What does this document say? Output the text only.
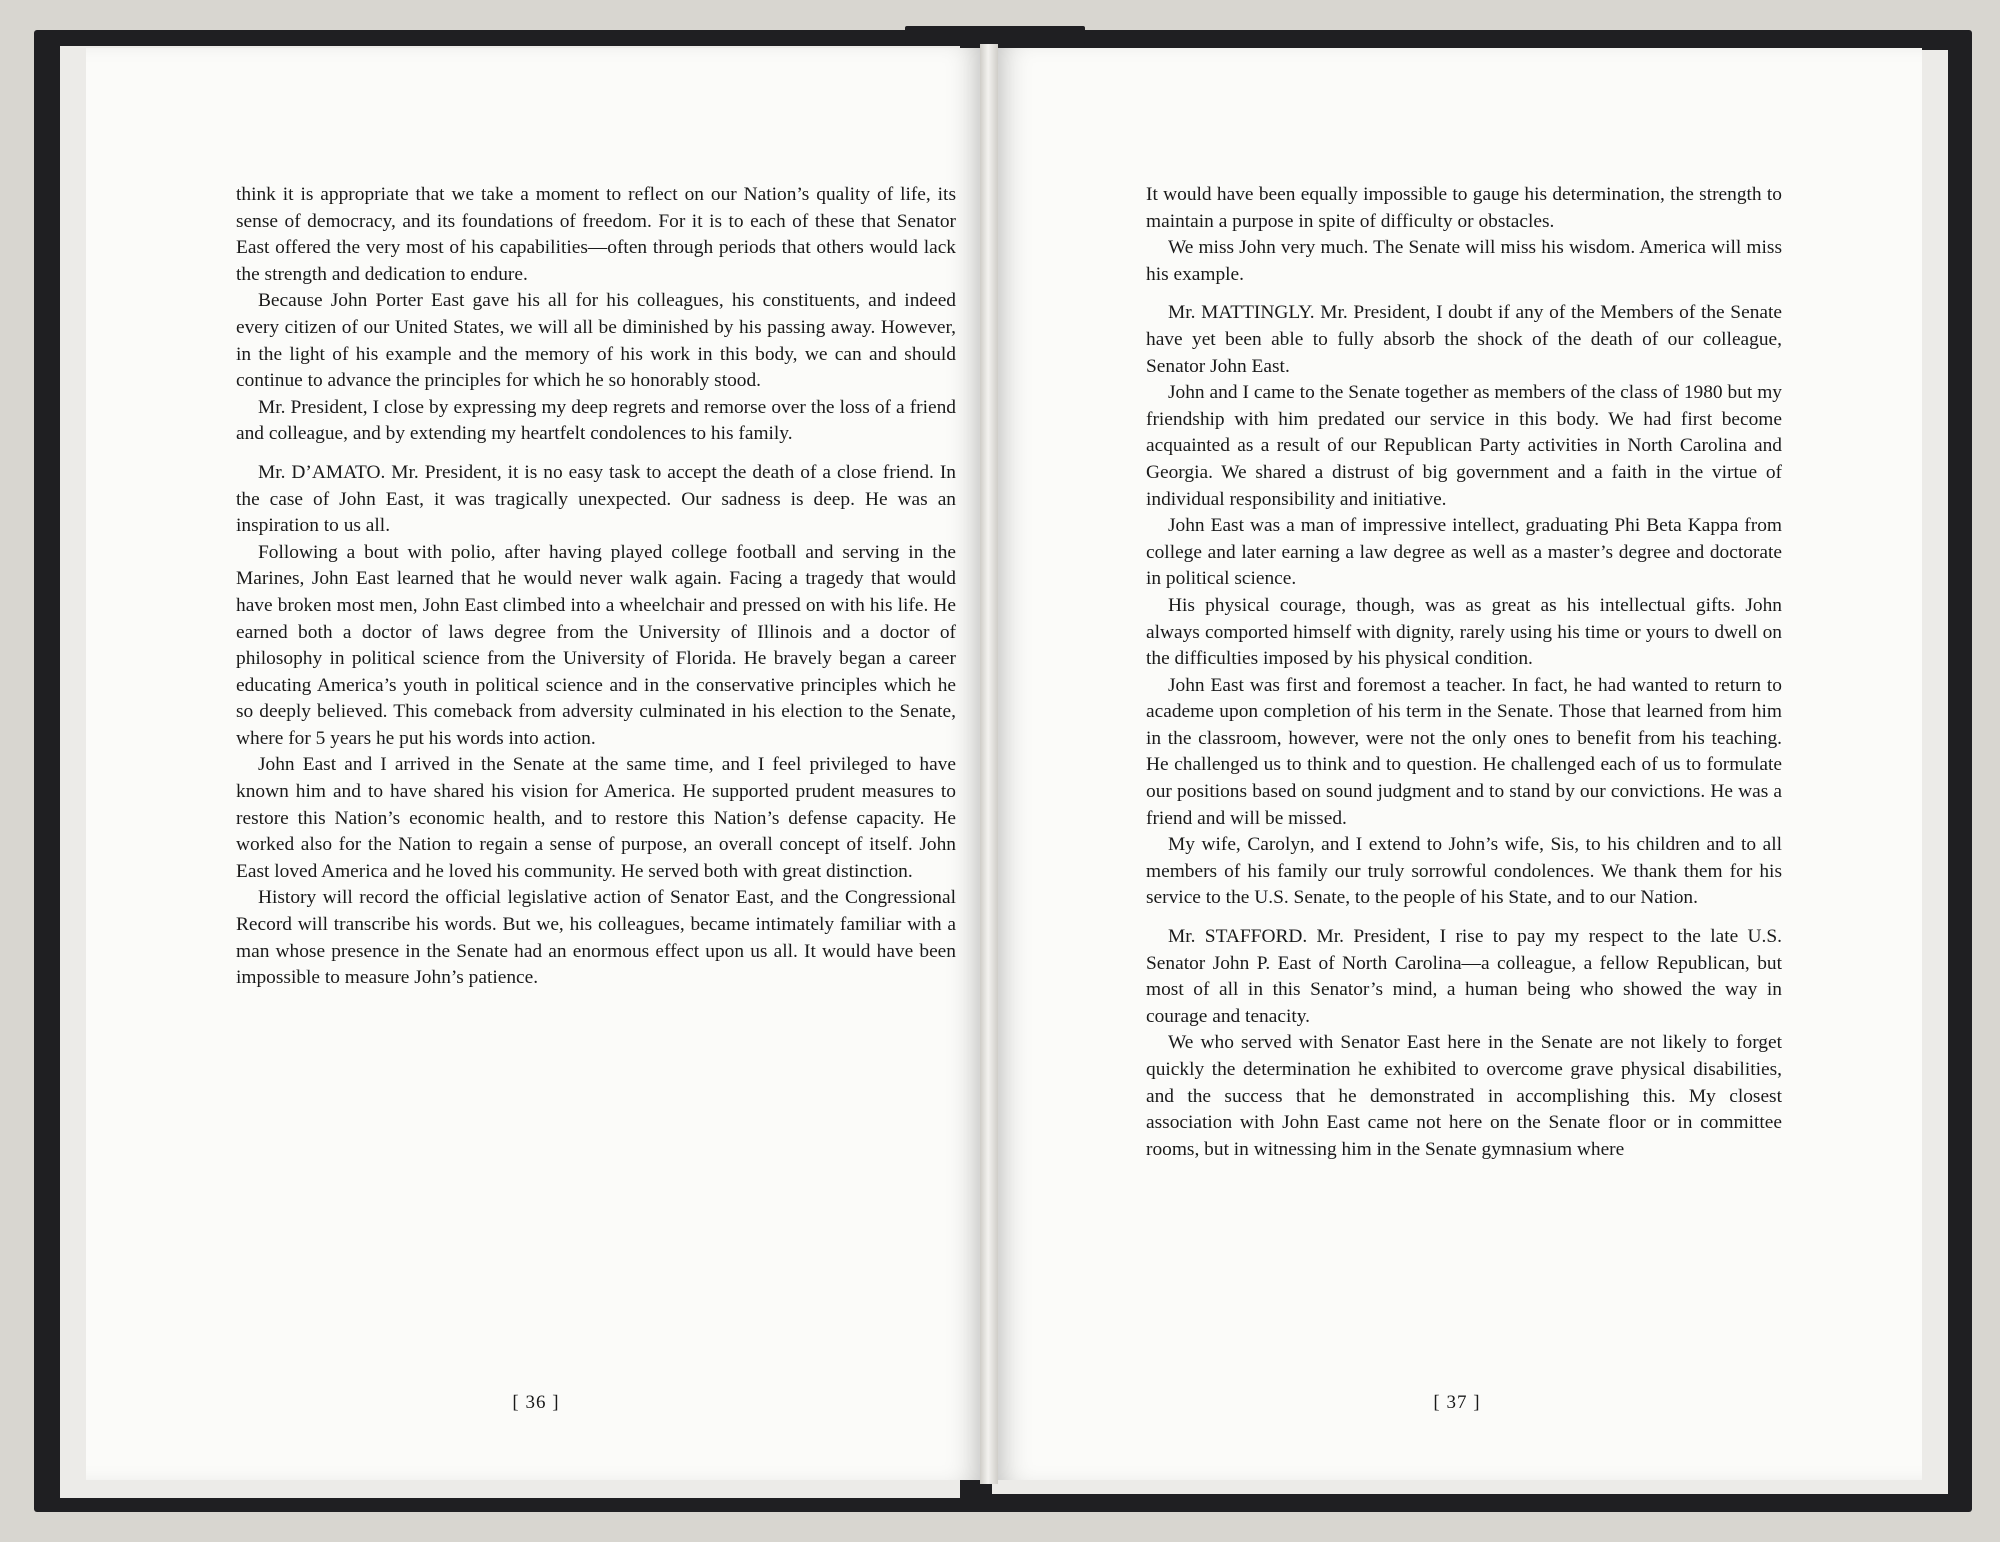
think it is appropriate that we take a moment to reflect on our Nation’s quality of life, its sense of democracy, and its foundations of freedom. For it is to each of these that Senator East offered the very most of his capabilities—often through periods that others would lack the strength and dedication to endure.

Because John Porter East gave his all for his colleagues, his constituents, and indeed every citizen of our United States, we will all be diminished by his passing away. However, in the light of his example and the memory of his work in this body, we can and should continue to advance the principles for which he so honorably stood.

Mr. President, I close by expressing my deep regrets and remorse over the loss of a friend and colleague, and by extending my heartfelt condolences to his family.

Mr. D’AMATO. Mr. President, it is no easy task to accept the death of a close friend. In the case of John East, it was tragically unexpected. Our sadness is deep. He was an inspiration to us all.

Following a bout with polio, after having played college football and serving in the Marines, John East learned that he would never walk again. Facing a tragedy that would have broken most men, John East climbed into a wheelchair and pressed on with his life. He earned both a doctor of laws degree from the University of Illinois and a doctor of philosophy in political science from the University of Florida. He bravely began a career educating America’s youth in political science and in the conservative principles which he so deeply believed. This comeback from adversity culminated in his election to the Senate, where for 5 years he put his words into action.

John East and I arrived in the Senate at the same time, and I feel privileged to have known him and to have shared his vision for America. He supported prudent measures to restore this Nation’s economic health, and to restore this Nation’s defense capacity. He worked also for the Nation to regain a sense of purpose, an overall concept of itself. John East loved America and he loved his community. He served both with great distinction.

History will record the official legislative action of Senator East, and the Congressional Record will transcribe his words. But we, his colleagues, became intimately familiar with a man whose presence in the Senate had an enormous effect upon us all. It would have been impossible to measure John’s patience.

[ 36 ]

It would have been equally impossible to gauge his determination, the strength to maintain a purpose in spite of difficulty or obstacles.

We miss John very much. The Senate will miss his wisdom. America will miss his example.

Mr. MATTINGLY. Mr. President, I doubt if any of the Members of the Senate have yet been able to fully absorb the shock of the death of our colleague, Senator John East.

John and I came to the Senate together as members of the class of 1980 but my friendship with him predated our service in this body. We had first become acquainted as a result of our Republican Party activities in North Carolina and Georgia. We shared a distrust of big government and a faith in the virtue of individual responsibility and initiative.

John East was a man of impressive intellect, graduating Phi Beta Kappa from college and later earning a law degree as well as a master’s degree and doctorate in political science.

His physical courage, though, was as great as his intellectual gifts. John always comported himself with dignity, rarely using his time or yours to dwell on the difficulties imposed by his physical condition.

John East was first and foremost a teacher. In fact, he had wanted to return to academe upon completion of his term in the Senate. Those that learned from him in the classroom, however, were not the only ones to benefit from his teaching. He challenged us to think and to question. He challenged each of us to formulate our positions based on sound judgment and to stand by our convictions. He was a friend and will be missed.

My wife, Carolyn, and I extend to John’s wife, Sis, to his children and to all members of his family our truly sorrowful condolences. We thank them for his service to the U.S. Senate, to the people of his State, and to our Nation.

Mr. STAFFORD. Mr. President, I rise to pay my respect to the late U.S. Senator John P. East of North Carolina—a colleague, a fellow Republican, but most of all in this Senator’s mind, a human being who showed the way in courage and tenacity.

We who served with Senator East here in the Senate are not likely to forget quickly the determination he exhibited to overcome grave physical disabilities, and the success that he demonstrated in accomplishing this. My closest association with John East came not here on the Senate floor or in committee rooms, but in witnessing him in the Senate gymnasium where

[ 37 ]
